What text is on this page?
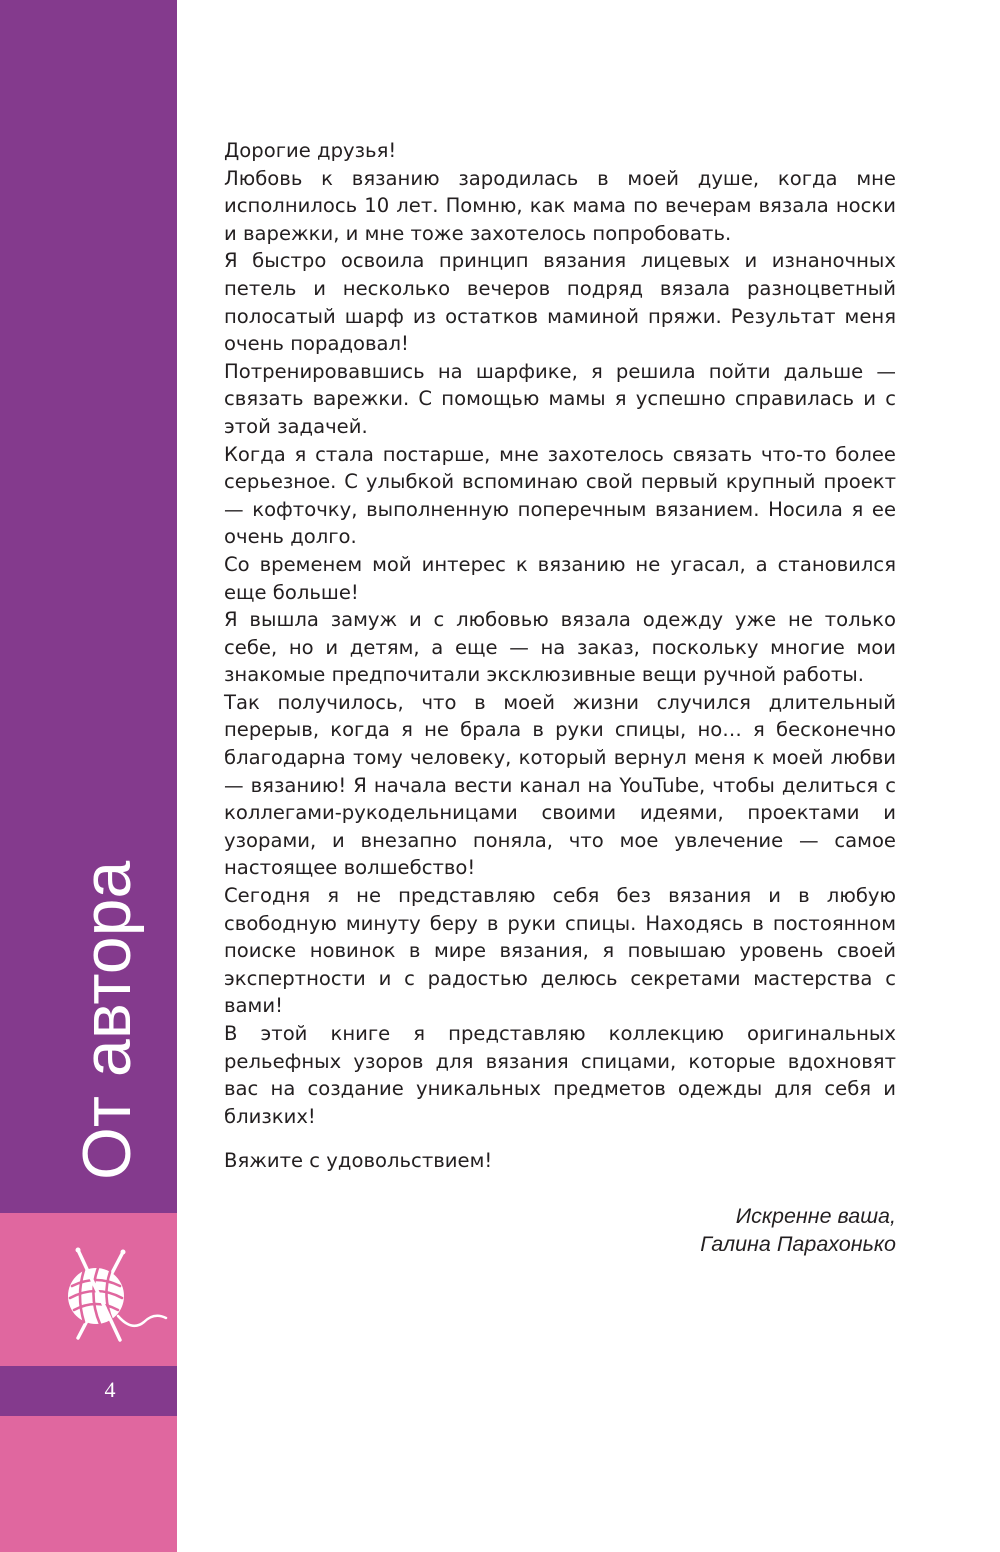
От автора
4

Дорогие друзья!

Любовь к вязанию зародилась в моей душе, когда мне исполнилось 10 лет. Помню, как мама по вечерам вязала носки и варежки, и мне тоже захотелось попробовать.

Я быстро освоила принцип вязания лицевых и изнаночных петель и несколько вечеров подряд вязала разноцветный полосатый шарф из остатков маминой пряжи. Результат меня очень порадовал!

Потренировавшись на шарфике, я решила пойти дальше — связать варежки. С помощью мамы я успешно справилась и с этой задачей.

Когда я стала постарше, мне захотелось связать что-то более серьезное. С улыбкой вспоминаю свой первый крупный проект — кофточку, выполненную поперечным вязанием. Носила я ее очень долго.

Со временем мой интерес к вязанию не угасал, а становился еще больше!

Я вышла замуж и с любовью вязала одежду уже не только себе, но и детям, а еще — на заказ, поскольку многие мои знакомые предпочитали эксклюзивные вещи ручной работы.

Так получилось, что в моей жизни случился длительный перерыв, когда я не брала в руки спицы, но… я бесконечно благодарна тому человеку, который вернул меня к моей любви — вязанию! Я начала вести канал на YouTube, чтобы делиться с коллегами-рукодельницами своими идеями, проектами и узорами, и внезапно поняла, что мое увлечение — самое настоящее волшебство!

Сегодня я не представляю себя без вязания и в любую свободную минуту беру в руки спицы. Находясь в постоянном поиске новинок в мире вязания, я повышаю уровень своей экспертности и с радостью делюсь секретами мастерства с вами!

В этой книге я представляю коллекцию оригинальных рельефных узоров для вязания спицами, которые вдохновят вас на создание уникальных предметов одежды для себя и близких!

Вяжите с удовольствием!

Искренне ваша,
Галина Парахонько
